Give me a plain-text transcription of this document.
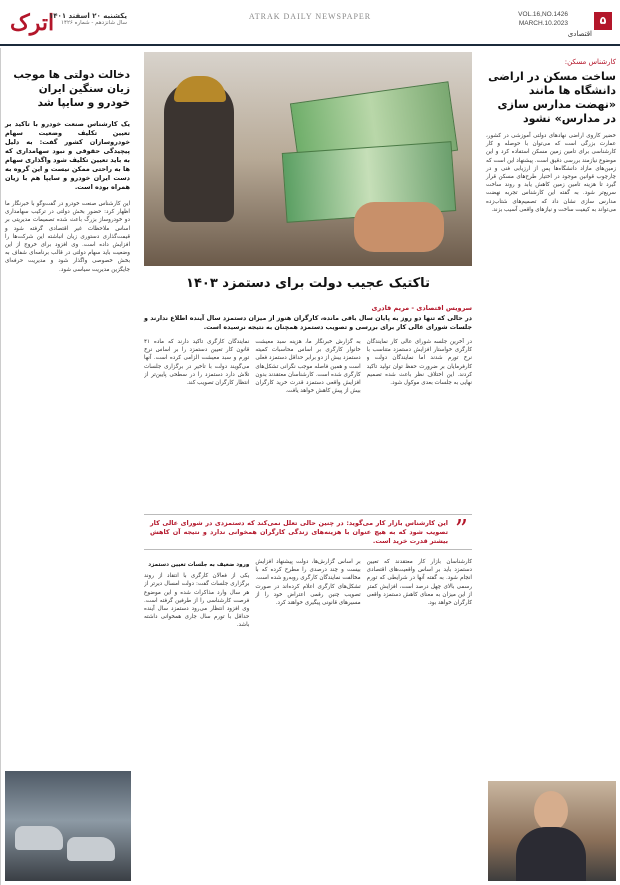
اترک
یکشنبه ۲۰ اسفند ۱۴۰۱
سال شانزدهم - شماره ۱۴۲۶
ATRAK DAILY NEWSPAPER	VOL.16,NO.1426
MARCH.10.2023	۵
اقتصادی
کارشناس مسکن:
ساخت مسکن در اراضی دانشگاه ها مانند «نهضت مدارس سازی در مدارس» نشود

خضیر کاروی اراضی نهادهای دولتی آموزشی در کشور، عمارت بزرگی است که می‌توان با حوصله و کار کارشناسی برای تامین زمین مسکن استفاده کرد و این موضوع نیازمند بررسی دقیق است. پیشنهاد این است که زمین‌های مازاد دانشگاه‌ها پس از ارزیابی فنی و در چارچوب قوانین موجود در اختیار طرح‌های مسکن قرار گیرد تا هزینه تامین زمین کاهش یابد و روند ساخت سریع‌تر شود. به گفته این کارشناس تجربه نهضت مدارس سازی نشان داد که تصمیم‌های شتاب‌زده می‌تواند به کیفیت ساخت و نیازهای واقعی آسیب بزند.

دخالت دولتی ها موجب زیان سنگین ایران خودرو و سایپا شد
یک کارشناس صنعت خودرو با تاکید بر تعیین تکلیف وضعیت سهام خودروسازان کشور گفت: به دلیل پیچیدگی حقوقی و نبود سهامداری که به باید تعیین تکلیف شود واگذاری سهام ها به راحتی ممکن نیست و این گروه به دست ایران خودرو و سایپا هم با زیان همراه بوده است.

این کارشناس صنعت خودرو در گفت‌وگو با خبرنگار ما اظهار کرد: حضور بخش دولتی در ترکیب سهامداری دو خودروساز بزرگ باعث شده تصمیمات مدیریتی بر اساس ملاحظات غیر اقتصادی گرفته شود و قیمت‌گذاری دستوری زیان انباشته این شرکت‌ها را افزایش داده است. وی افزود برای خروج از این وضعیت باید سهام دولتی در قالب برنامه‌ای شفاف به بخش خصوصی واگذار شود و مدیریت حرفه‌ای جایگزین مدیریت سیاسی شود.

تاکتیک عجیب دولت برای دستمزد ۱۴۰۳
سرویس اقتصادی - مریم قادری
در حالی که تنها دو روز به پایان سال باقی مانده، کارگران هنوز از میزان دستمزد سال آینده اطلاع ندارند و جلسات شورای عالی کار برای بررسی و تصویب دستمزد همچنان به نتیجه نرسیده است.
در آخرین جلسه شورای عالی کار نمایندگان کارگری خواستار افزایش دستمزد متناسب با نرخ تورم شدند اما نمایندگان دولت و کارفرمایان بر ضرورت حفظ توان تولید تاکید کردند. این اختلاف نظر باعث شده تصمیم نهایی به جلسات بعدی موکول شود.
به گزارش خبرنگار ما، هزینه سبد معیشت خانوار کارگری بر اساس محاسبات کمیته دستمزد بیش از دو برابر حداقل دستمزد فعلی است و همین فاصله موجب نگرانی تشکل‌های کارگری شده است. کارشناسان معتقدند بدون افزایش واقعی دستمزد قدرت خرید کارگران بیش از پیش کاهش خواهد یافت.
نمایندگان کارگری تاکید دارند که ماده ۴۱ قانون کار تعیین دستمزد را بر اساس نرخ تورم و سبد معیشت الزامی کرده است. آنها می‌گویند دولت با تاخیر در برگزاری جلسات تلاش دارد دستمزد را در سطحی پایین‌تر از انتظار کارگران تصویب کند.
”
این کارشناس بازار کار می‌گوید: در چنین حالی تعلل نمی‌کند که دستمزدی در شورای عالی کار تصویب شود که به هیچ عنوان با هزینه‌های زندگی کارگران همخوانی ندارد و نتیجه آن کاهش بیشتر قدرت خرید است.
کارشناسان بازار کار معتقدند که تعیین دستمزد باید بر اساس واقعیت‌های اقتصادی انجام شود. به گفته آنها در شرایطی که تورم رسمی بالای چهل درصد است، افزایش کمتر از این میزان به معنای کاهش دستمزد واقعی کارگران خواهد بود.
بر اساس گزارش‌ها، دولت پیشنهاد افزایش بیست و چند درصدی را مطرح کرده که با مخالفت نمایندگان کارگری روبه‌رو شده است. تشکل‌های کارگری اعلام کرده‌اند در صورت تصویب چنین رقمی اعتراض خود را از مسیرهای قانونی پیگیری خواهند کرد.
ورود ضعیف به جلسات تعیین دستمزد
یکی از فعالان کارگری با انتقاد از روند برگزاری جلسات گفت: دولت امسال دیرتر از هر سال وارد مذاکرات شده و این موضوع فرصت کارشناسی را از طرفین گرفته است. وی افزود انتظار می‌رود دستمزد سال آینده حداقل با تورم سال جاری همخوانی داشته باشد.
